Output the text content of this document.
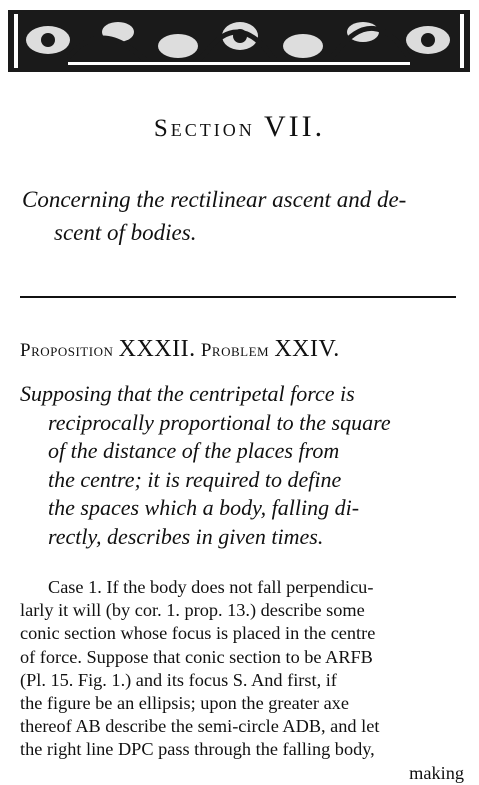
Section VII.
Concerning the rectilinear ascent and de-
scent of bodies.
Proposition XXXII. Problem XXIV.
Supposing that the centripetal force is
reciprocally proportional to the square
of the distance of the places from
the centre; it is required to define
the spaces which a body, falling di-
rectly, describes in given times.
Case 1. If the body does not fall perpendicu-
larly it will (by cor. 1. prop. 13.) describe some
conic section whose focus is placed in the centre
of force. Suppose that conic section to be ARFB
(Pl. 15. Fig. 1.) and its focus S. And first, if
the figure be an ellipsis; upon the greater axe
thereof AB describe the semi-circle ADB, and let
the right line DPC pass through the falling body,
making
